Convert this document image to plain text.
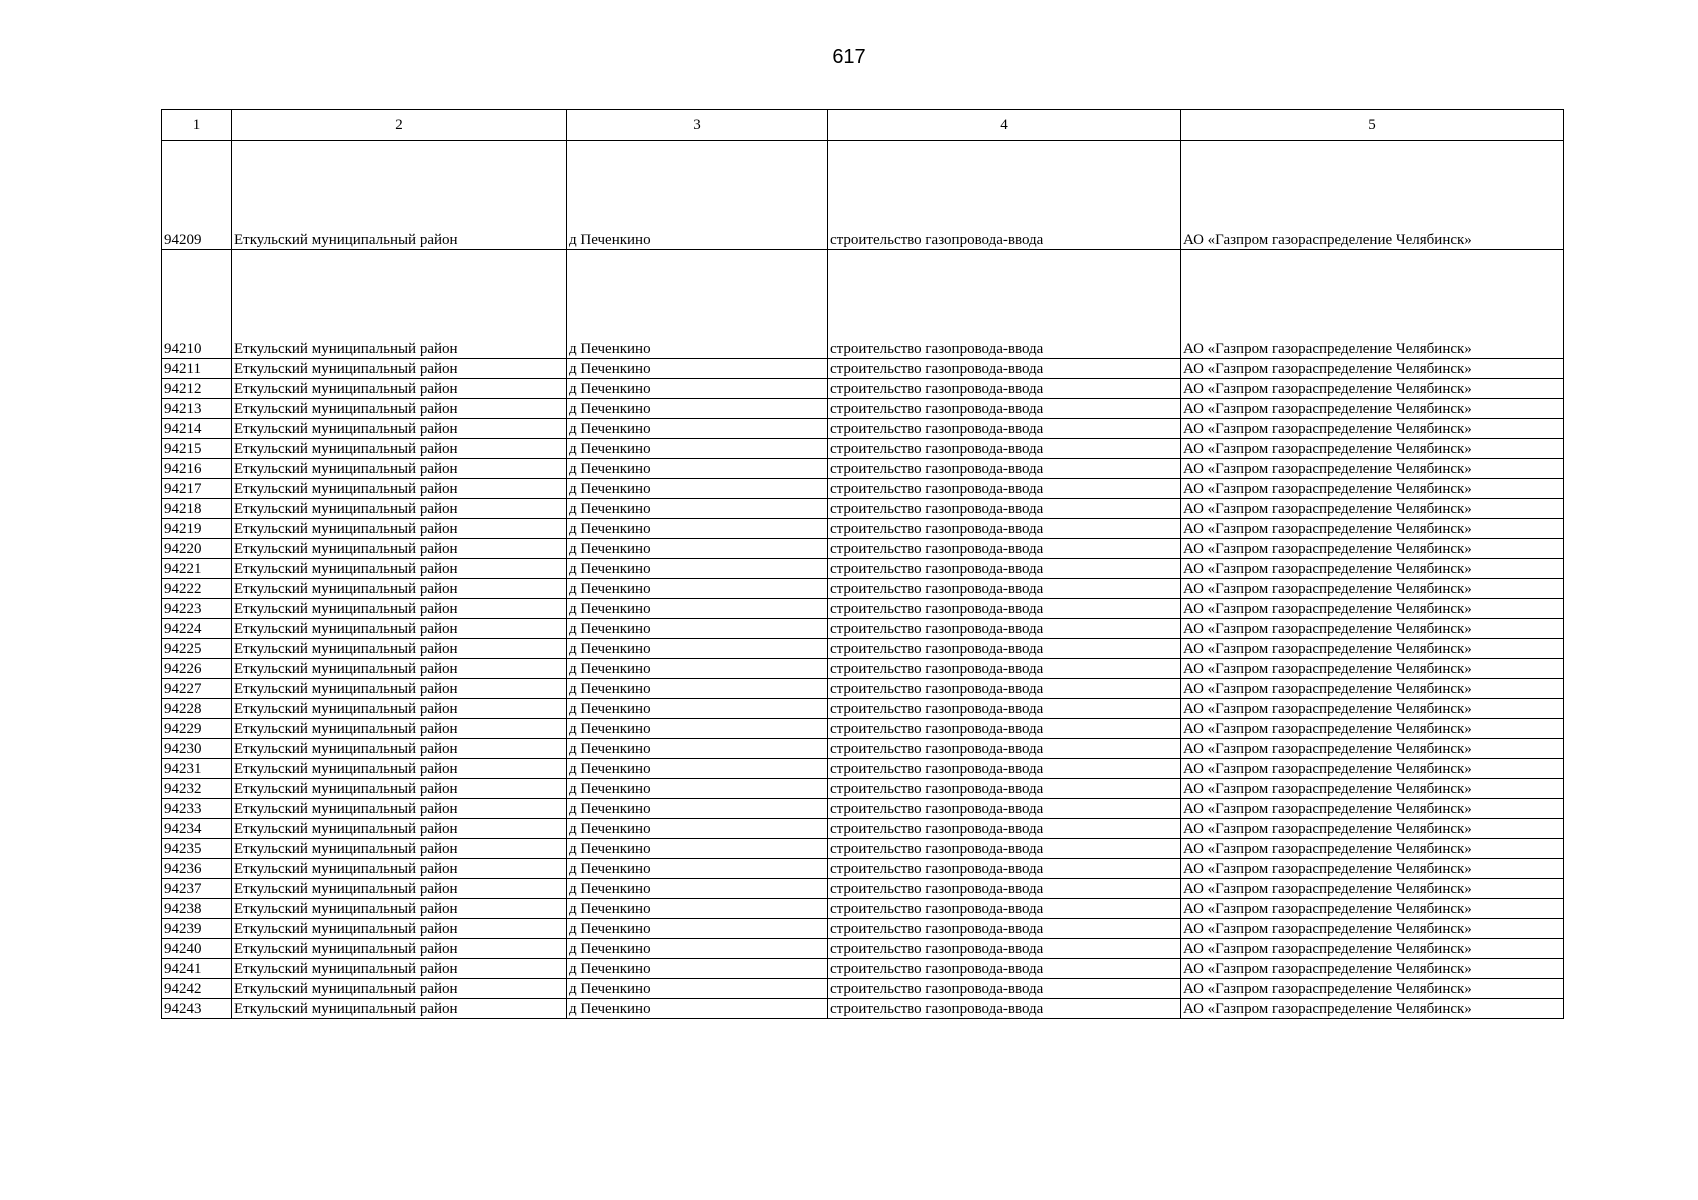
617
1	2	3	4	5
94209	Еткульский муниципальный район	д Печенкино	строительство газопровода-ввода	АО «Газпром газораспределение Челябинск»
94210	Еткульский муниципальный район	д Печенкино	строительство газопровода-ввода	АО «Газпром газораспределение Челябинск»
94211	Еткульский муниципальный район	д Печенкино	строительство газопровода-ввода	АО «Газпром газораспределение Челябинск»
94212	Еткульский муниципальный район	д Печенкино	строительство газопровода-ввода	АО «Газпром газораспределение Челябинск»
94213	Еткульский муниципальный район	д Печенкино	строительство газопровода-ввода	АО «Газпром газораспределение Челябинск»
94214	Еткульский муниципальный район	д Печенкино	строительство газопровода-ввода	АО «Газпром газораспределение Челябинск»
94215	Еткульский муниципальный район	д Печенкино	строительство газопровода-ввода	АО «Газпром газораспределение Челябинск»
94216	Еткульский муниципальный район	д Печенкино	строительство газопровода-ввода	АО «Газпром газораспределение Челябинск»
94217	Еткульский муниципальный район	д Печенкино	строительство газопровода-ввода	АО «Газпром газораспределение Челябинск»
94218	Еткульский муниципальный район	д Печенкино	строительство газопровода-ввода	АО «Газпром газораспределение Челябинск»
94219	Еткульский муниципальный район	д Печенкино	строительство газопровода-ввода	АО «Газпром газораспределение Челябинск»
94220	Еткульский муниципальный район	д Печенкино	строительство газопровода-ввода	АО «Газпром газораспределение Челябинск»
94221	Еткульский муниципальный район	д Печенкино	строительство газопровода-ввода	АО «Газпром газораспределение Челябинск»
94222	Еткульский муниципальный район	д Печенкино	строительство газопровода-ввода	АО «Газпром газораспределение Челябинск»
94223	Еткульский муниципальный район	д Печенкино	строительство газопровода-ввода	АО «Газпром газораспределение Челябинск»
94224	Еткульский муниципальный район	д Печенкино	строительство газопровода-ввода	АО «Газпром газораспределение Челябинск»
94225	Еткульский муниципальный район	д Печенкино	строительство газопровода-ввода	АО «Газпром газораспределение Челябинск»
94226	Еткульский муниципальный район	д Печенкино	строительство газопровода-ввода	АО «Газпром газораспределение Челябинск»
94227	Еткульский муниципальный район	д Печенкино	строительство газопровода-ввода	АО «Газпром газораспределение Челябинск»
94228	Еткульский муниципальный район	д Печенкино	строительство газопровода-ввода	АО «Газпром газораспределение Челябинск»
94229	Еткульский муниципальный район	д Печенкино	строительство газопровода-ввода	АО «Газпром газораспределение Челябинск»
94230	Еткульский муниципальный район	д Печенкино	строительство газопровода-ввода	АО «Газпром газораспределение Челябинск»
94231	Еткульский муниципальный район	д Печенкино	строительство газопровода-ввода	АО «Газпром газораспределение Челябинск»
94232	Еткульский муниципальный район	д Печенкино	строительство газопровода-ввода	АО «Газпром газораспределение Челябинск»
94233	Еткульский муниципальный район	д Печенкино	строительство газопровода-ввода	АО «Газпром газораспределение Челябинск»
94234	Еткульский муниципальный район	д Печенкино	строительство газопровода-ввода	АО «Газпром газораспределение Челябинск»
94235	Еткульский муниципальный район	д Печенкино	строительство газопровода-ввода	АО «Газпром газораспределение Челябинск»
94236	Еткульский муниципальный район	д Печенкино	строительство газопровода-ввода	АО «Газпром газораспределение Челябинск»
94237	Еткульский муниципальный район	д Печенкино	строительство газопровода-ввода	АО «Газпром газораспределение Челябинск»
94238	Еткульский муниципальный район	д Печенкино	строительство газопровода-ввода	АО «Газпром газораспределение Челябинск»
94239	Еткульский муниципальный район	д Печенкино	строительство газопровода-ввода	АО «Газпром газораспределение Челябинск»
94240	Еткульский муниципальный район	д Печенкино	строительство газопровода-ввода	АО «Газпром газораспределение Челябинск»
94241	Еткульский муниципальный район	д Печенкино	строительство газопровода-ввода	АО «Газпром газораспределение Челябинск»
94242	Еткульский муниципальный район	д Печенкино	строительство газопровода-ввода	АО «Газпром газораспределение Челябинск»
94243	Еткульский муниципальный район	д Печенкино	строительство газопровода-ввода	АО «Газпром газораспределение Челябинск»
